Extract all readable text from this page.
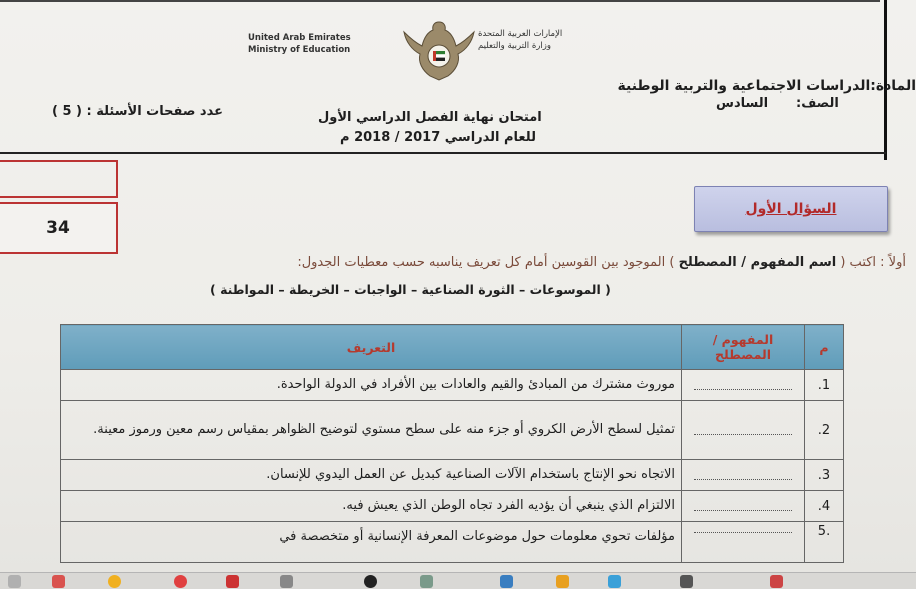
United Arab Emirates
Ministry of Education
الإمارات العربية المتحدة
وزارة التربية والتعليم
المادة:الدراسات الاجتماعية والتربية الوطنية
الصف:
السادس
امتحان نهاية الفصل الدراسي الأول
عدد صفحات الأسئلة : ( 5 )
للعام الدراسي 2017 / 2018 م
34
السؤال الأول
أولاً : اكتب ( اسم المفهوم / المصطلح ) الموجود بين القوسين أمام كل تعريف يناسبه حسب معطيات الجدول:
( الموسوعات – الثورة الصناعية – الواجبات – الخريطة – المواطنة )
م	المفهوم / المصطلح	التعريف
1.		موروث مشترك من المبادئ والقيم والعادات بين الأفراد في الدولة الواحدة.
2.		تمثيل لسطح الأرض الكروي أو جزء منه على سطح مستوي لتوضيح الظواهر بمقياس رسم معين ورموز معينة.
3.		الاتجاه نحو الإنتاج باستخدام الآلات الصناعية كبديل عن العمل اليدوي للإنسان.
4.		الالتزام الذي ينبغي أن يؤديه الفرد تجاه الوطن الذي يعيش فيه.
.5		مؤلفات تحوي معلومات حول موضوعات المعرفة الإنسانية أو متخصصة في
